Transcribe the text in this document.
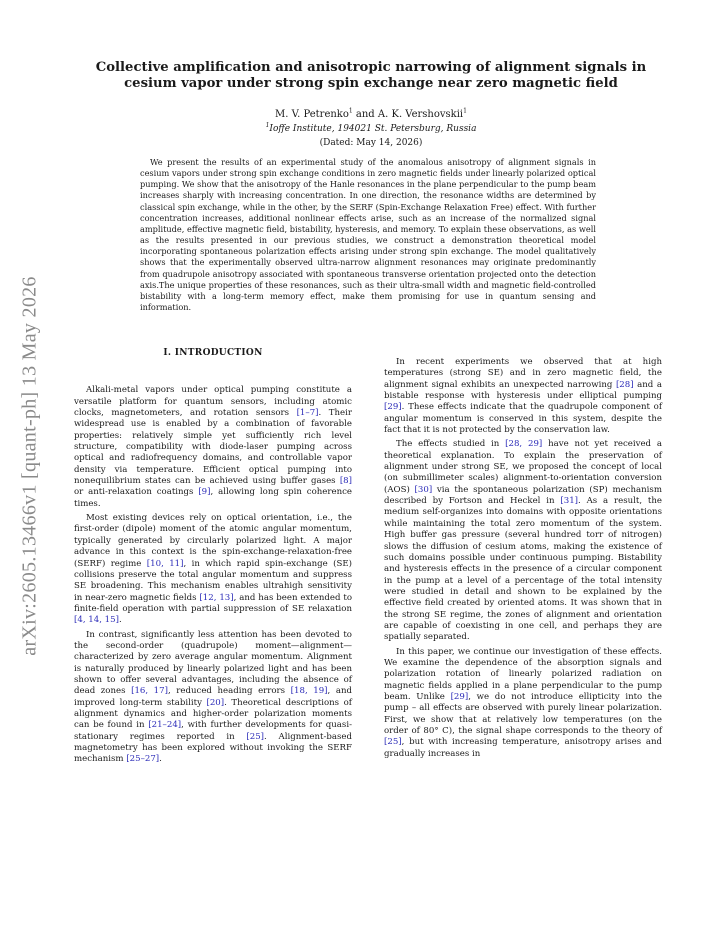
arXiv:2605.13466v1 [quant-ph] 13 May 2026
Collective amplification and anisotropic narrowing of alignment signals in cesium vapor under strong spin exchange near zero magnetic field
M. V. Petrenko$^1$ and A. K. Vershovskii$^1$
$^1$Ioffe Institute, 194021 St. Petersburg, Russia
(Dated: May 14, 2026)

We present the results of an experimental study of the anomalous anisotropy of alignment signals in cesium vapors under strong spin exchange conditions in zero magnetic fields under linearly polarized optical pumping. We show that the anisotropy of the Hanle resonances in the plane perpendicular to the pump beam increases sharply with increasing concentration. In one direction, the resonance widths are determined by classical spin exchange, while in the other, by the SERF (Spin-Exchange Relaxation Free) effect. With further concentration increases, additional nonlinear effects arise, such as an increase of the normalized signal amplitude, effective magnetic field, bistability, hysteresis, and memory. To explain these observations, as well as the results presented in our previous studies, we construct a demonstration theoretical model incorporating spontaneous polarization effects arising under strong spin exchange. The model qualitatively shows that the experimentally observed ultra-narrow alignment resonances may originate predominantly from quadrupole anisotropy associated with spontaneous transverse orientation projected onto the detection axis.The unique properties of these resonances, such as their ultra-small width and magnetic field-controlled bistability with a long-term memory effect, make them promising for use in quantum sensing and information.

I. INTRODUCTION

Alkali-metal vapors under optical pumping constitute a versatile platform for quantum sensors, including atomic clocks, magnetometers, and rotation sensors [1–7]. Their widespread use is enabled by a combination of favorable properties: relatively simple yet sufficiently rich level structure, compatibility with diode-laser pumping across optical and radiofrequency domains, and controllable vapor density via temperature. Efficient optical pumping into nonequilibrium states can be achieved using buffer gases [8] or anti-relaxation coatings [9], allowing long spin coherence times.

Most existing devices rely on optical orientation, i.e., the first-order (dipole) moment of the atomic angular momentum, typically generated by circularly polarized light. A major advance in this context is the spin-exchange-relaxation-free (SERF) regime [10, 11], in which rapid spin-exchange (SE) collisions preserve the total angular momentum and suppress SE broadening. This mechanism enables ultrahigh sensitivity in near-zero magnetic fields [12, 13], and has been extended to finite-field operation with partial suppression of SE relaxation [4, 14, 15].

In contrast, significantly less attention has been devoted to the second-order (quadrupole) moment—alignment—characterized by zero average angular momentum. Alignment is naturally produced by linearly polarized light and has been shown to offer several advantages, including the absence of dead zones [16, 17], reduced heading errors [18, 19], and improved long-term stability [20]. Theoretical descriptions of alignment dynamics and higher-order polarization moments can be found in [21–24], with further developments for quasi-stationary regimes reported in [25]. Alignment-based magnetometry has been explored without invoking the SERF mechanism [25–27].

In recent experiments we observed that at high temperatures (strong SE) and in zero magnetic field, the alignment signal exhibits an unexpected narrowing [28] and a bistable response with hysteresis under elliptical pumping [29]. These effects indicate that the quadrupole component of angular momentum is conserved in this system, despite the fact that it is not protected by the conservation law.

The effects studied in [28, 29] have not yet received a theoretical explanation. To explain the preservation of alignment under strong SE, we proposed the concept of local (on submillimeter scales) alignment-to-orientation conversion (AOS) [30] via the spontaneous polarization (SP) mechanism described by Fortson and Heckel in [31]. As a result, the medium self-organizes into domains with opposite orientations while maintaining the total zero momentum of the system. High buffer gas pressure (several hundred torr of nitrogen) slows the diffusion of cesium atoms, making the existence of such domains possible under continuous pumping. Bistability and hysteresis effects in the presence of a circular component in the pump at a level of a percentage of the total intensity were studied in detail and shown to be explained by the effective field created by oriented atoms. It was shown that in the strong SE regime, the zones of alignment and orientation are capable of coexisting in one cell, and perhaps they are spatially separated.

In this paper, we continue our investigation of these effects. We examine the dependence of the absorption signals and polarization rotation of linearly polarized radiation on magnetic fields applied in a plane perpendicular to the pump beam. Unlike [29], we do not introduce ellipticity into the pump – all effects are observed with purely linear polarization. First, we show that at relatively low temperatures (on the order of 80° C), the signal shape corresponds to the theory of [25], but with increasing temperature, anisotropy arises and gradually increases in
